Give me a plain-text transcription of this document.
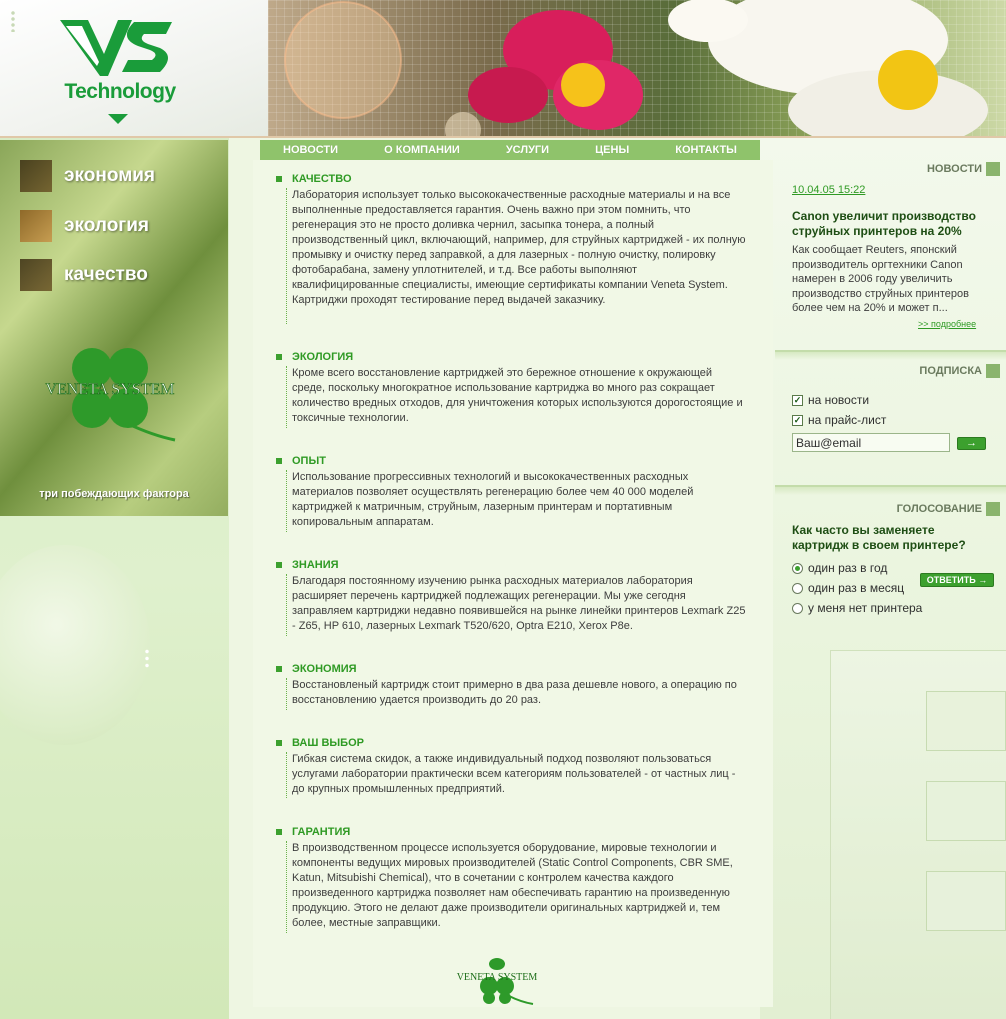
Technology
экономия
экология
качество
VENETA SYSTEM
три побеждающих фактора
НОВОСТИ	О КОМПАНИИ	УСЛУГИ	ЦЕНЫ	КОНТАКТЫ
КАЧЕСТВО
Лаборатория использует только высококачественные расходные материалы и на все выполненные предоставляется гарантия. Очень важно при этом помнить, что регенерация это не просто доливка чернил, засыпка тонера, а полный производственный цикл, включающий, например, для струйных картриджей - их полную промывку и очистку перед заправкой, а для лазерных - полную очистку, полировку фотобарабана, замену уплотнителей, и т.д. Все работы выполняют квалифицированные специалисты, имеющие сертификаты компании Veneta System. Картриджи проходят тестирование перед выдачей заказчику.
ЭКОЛОГИЯ
Кроме всего восстановление картриджей это бережное отношение к окружающей среде, поскольку многократное использование картриджа во много раз сокращает количество вредных отходов, для уничтожения которых используются дорогостоящие и токсичные технологии.
ОПЫТ
Использование прогрессивных технологий и высококачественных расходных материалов позволяет осуществлять регенерацию более чем 40 000 моделей картриджей к матричным, струйным, лазерным принтерам и портативным копировальным аппаратам.
ЗНАНИЯ
Благодаря постоянному изучению рынка расходных материалов лаборатория расширяет перечень картриджей подлежащих регенерации. Мы уже сегодня заправляем картриджи недавно появившейся на рынке линейки принтеров Lexmark Z25 - Z65, HP 610, лазерных Lexmark T520/620, Optra E210, Xerox P8e.
ЭКОНОМИЯ
Восстановленый картридж стоит примерно в два раза дешевле нового, а операцию по восстановлению удается производить до 20 раз.
ВАШ ВЫБОР
Гибкая система скидок, а также индивидуальный подход позволяют пользоваться услугами лаборатории практически всем категориям пользователей - от частных лиц - до крупных промышленных предприятий.
ГАРАНТИЯ
В производственном процессе используется оборудование, мировые технологии и компоненты ведущих мировых производителей (Static Control Components, CBR SME, Katun, Mitsubishi Chemical), что в сочетании с контролем качества каждого произведенного картриджа позволяет нам обеспечивать гарантию на произведенную продукцию. Этого не делают даже производители оригинальных картриджей и, тем более, местные заправщики.
VENETA SYSTEM
НОВОСТИ
10.04.05 15:22
Canon увеличит производство струйных принтеров на 20%
Как сообщает Reuters, японский производитель оргтехники Canon намерен в 2006 году увеличить производство струйных принтеров более чем на 20% и может п...
>> подробнее
ПОДПИСКА
✓ на новости
✓ на прайс-лист
Ваш@email
→
ГОЛОСОВАНИЕ
Как часто вы заменяете картридж в своем принтере?
один раз в год
один раз в месяц
у меня нет принтера
ОТВЕТИТЬ →
